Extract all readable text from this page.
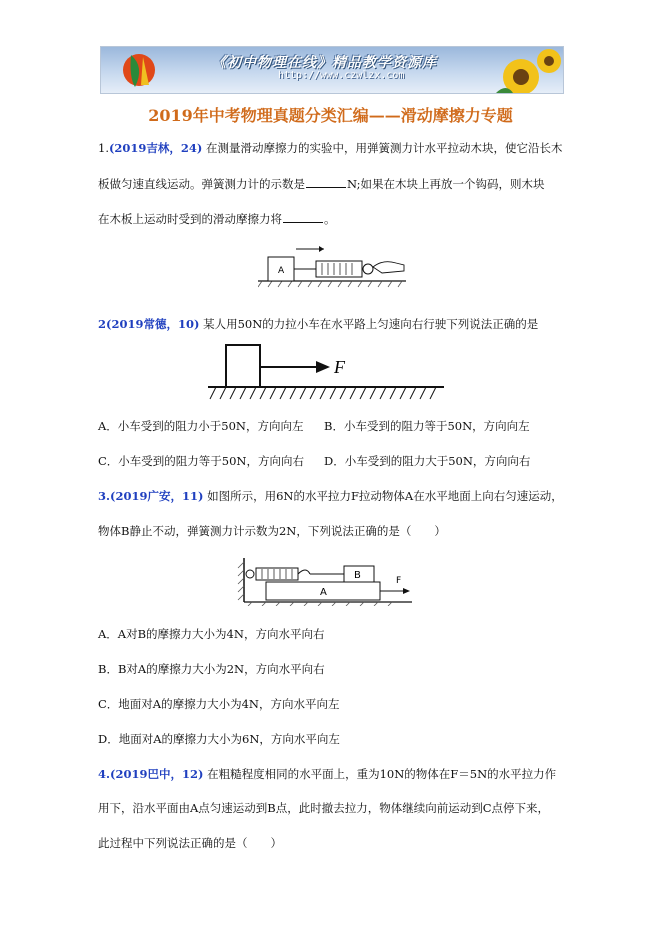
《初中物理在线》精品教学资源库
http://www.czwlzx.com
2019年中考物理真题分类汇编——滑动摩擦力专题
1.(2019吉林，24) 在测量滑动摩擦力的实验中，用弹簧测力计水平拉动木块，使它沿长木
板做匀速直线运动。弹簧测力计的示数是	N;如果在木块上再放一个钩码，则木块
在木板上运动时受到的滑动摩擦力将	。
A
2(2019常德，10) 某人用50N的力拉小车在水平路上匀速向右行驶下列说法正确的是
F
A．小车受到的阻力小于50N，方向向左 B．小车受到的阻力等于50N，方向向左
C．小车受到的阻力等于50N，方向向右 D．小车受到的阻力大于50N，方向向右
3.(2019广安，11) 如图所示，用6N的水平拉力F拉动物体A在水平地面上向右匀速运动，
物体B静止不动，弹簧测力计示数为2N，下列说法正确的是（　　）
B
A
F
A．A对B的摩擦力大小为4N，方向水平向右
B．B对A的摩擦力大小为2N，方向水平向右
C．地面对A的摩擦力大小为4N，方向水平向左
D．地面对A的摩擦力大小为6N，方向水平向左
4.(2019巴中，12) 在粗糙程度相同的水平面上，重为10N的物体在F＝5N的水平拉力作
用下，沿水平面由A点匀速运动到B点，此时撤去拉力，物体继续向前运动到C点停下来，
此过程中下列说法正确的是（　　）
